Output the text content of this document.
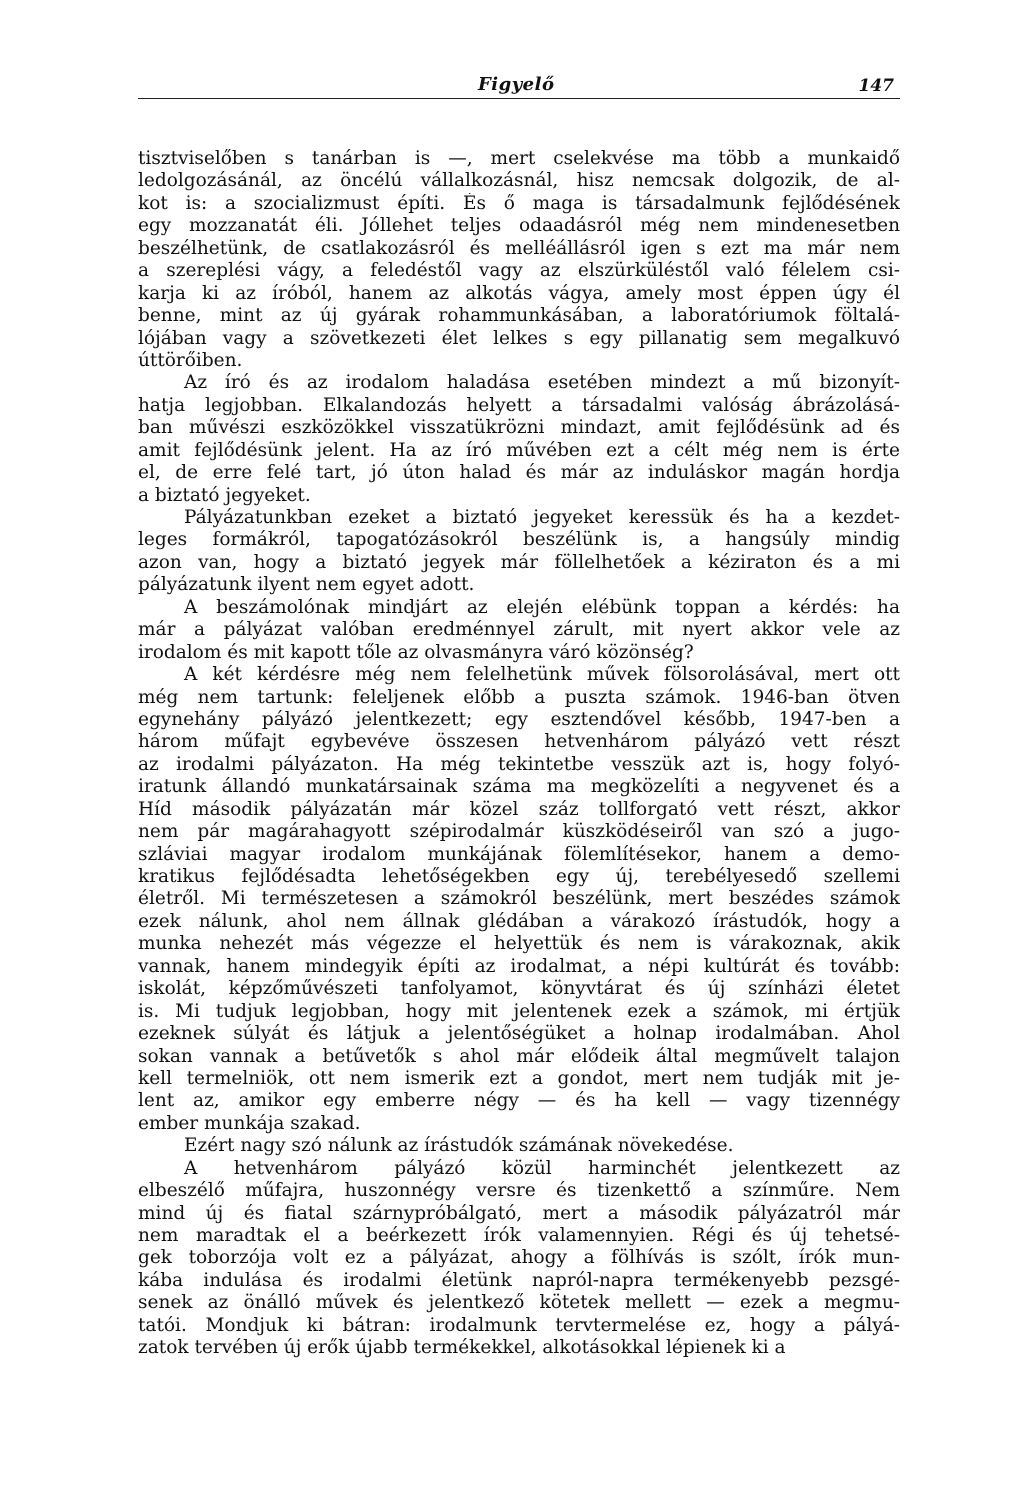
Figyelő	147
tisztviselőben s tanárban is —, mert cselekvése ma több a munkaidő
ledolgozásánál, az öncélú vállalkozásnál, hisz nemcsak dolgozik, de al-
kot is: a szocializmust építi. És ő maga is társadalmunk fejlődésének
egy mozzanatát éli. Jóllehet teljes odaadásról még nem mindenesetben
beszélhetünk, de csatlakozásról és melléállásról igen s ezt ma már nem
a szereplési vágy, a feledéstől vagy az elszürküléstől való félelem csi-
karja ki az íróból, hanem az alkotás vágya, amely most éppen úgy él
benne, mint az új gyárak rohammunkásában, a laboratóriumok föltalá-
lójában vagy a szövetkezeti élet lelkes s egy pillanatig sem megalkuvó
úttörőiben.
Az író és az irodalom haladása esetében mindezt a mű bizonyít-
hatja legjobban. Elkalandozás helyett a társadalmi valóság ábrázolásá-
ban művészi eszközökkel visszatükrözni mindazt, amit fejlődésünk ad és
amit fejlődésünk jelent. Ha az író művében ezt a célt még nem is érte
el, de erre felé tart, jó úton halad és már az induláskor magán hordja
a biztató jegyeket.
Pályázatunkban ezeket a biztató jegyeket keressük és ha a kezdet-
leges formákról, tapogatózásokról beszélünk is, a hangsúly mindig
azon van, hogy a biztató jegyek már föllelhetőek a kéziraton és a mi
pályázatunk ilyent nem egyet adott.
A beszámolónak mindjárt az elején elébünk toppan a kérdés: ha
már a pályázat valóban eredménnyel zárult, mit nyert akkor vele az
irodalom és mit kapott tőle az olvasmányra váró közönség?
A két kérdésre még nem felelhetünk művek fölsorolásával, mert ott
még nem tartunk: feleljenek előbb a puszta számok. 1946-ban ötven
egynehány pályázó jelentkezett; egy esztendővel később, 1947-ben a
három műfajt egybevéve összesen hetvenhárom pályázó vett részt
az irodalmi pályázaton. Ha még tekintetbe vesszük azt is, hogy folyó-
iratunk állandó munkatársainak száma ma megközelíti a negyvenet és a
Híd második pályázatán már közel száz tollforgató vett részt, akkor
nem pár magárahagyott szépirodalmár küszködéseiről van szó a jugo-
szláviai magyar irodalom munkájának fölemlítésekor, hanem a demo-
kratikus fejlődésadta lehetőségekben egy új, terebélyesedő szellemi
életről. Mi természetesen a számokról beszélünk, mert beszédes számok
ezek nálunk, ahol nem állnak glédában a várakozó írástudók, hogy a
munka nehezét más végezze el helyettük és nem is várakoznak, akik
vannak, hanem mindegyik építi az irodalmat, a népi kultúrát és tovább:
iskolát, képzőművészeti tanfolyamot, könyvtárat és új színházi életet
is. Mi tudjuk legjobban, hogy mit jelentenek ezek a számok, mi értjük
ezeknek súlyát és látjuk a jelentőségüket a holnap irodalmában. Ahol
sokan vannak a betűvetők s ahol már elődeik által megművelt talajon
kell termelniök, ott nem ismerik ezt a gondot, mert nem tudják mit je-
lent az, amikor egy emberre négy — és ha kell — vagy tizennégy
ember munkája szakad.
Ezért nagy szó nálunk az írástudók számának növekedése.
A hetvenhárom pályázó közül harminchét jelentkezett az
elbeszélő műfajra, huszonnégy versre és tizenkettő a színműre. Nem
mind új és fiatal szárnypróbálgató, mert a második pályázatról már
nem maradtak el a beérkezett írók valamennyien. Régi és új tehetsé-
gek toborzója volt ez a pályázat, ahogy a fölhívás is szólt, írók mun-
kába indulása és irodalmi életünk napról-napra termékenyebb pezsgé-
senek az önálló művek és jelentkező kötetek mellett — ezek a megmu-
tatói. Mondjuk ki bátran: irodalmunk tervtermelése ez, hogy a pályá-
zatok tervében új erők újabb termékekkel, alkotásokkal lépienek ki a
